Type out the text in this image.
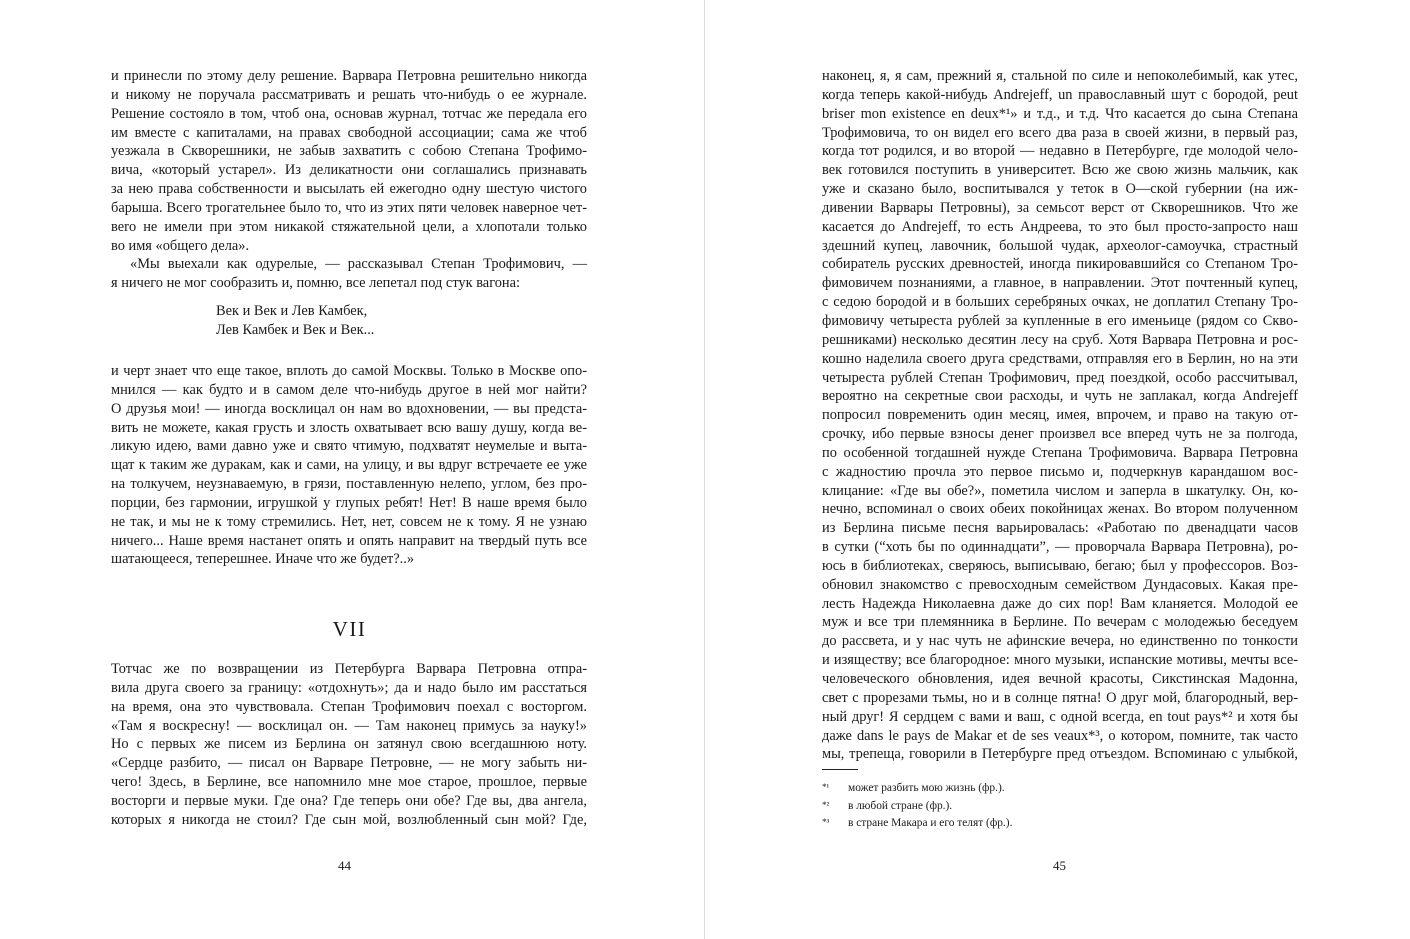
и принесли по этому делу решение. Варвара Петровна решительно никогда
и никому не поручала рассматривать и решать что-нибудь о ее журнале.
Решение состояло в том, чтоб она, основав журнал, тотчас же передала его
им вместе с капиталами, на правах свободной ассоциации; сама же чтоб
уезжала в Скворешники, не забыв захватить с собою Степана Трофимо-
вича, «который устарел». Из деликатности они соглашались признавать
за нею права собственности и высылать ей ежегодно одну шестую чистого
барыша. Всего трогательнее было то, что из этих пяти человек наверное чет-
вero не имели при этом никакой стяжательной цели, а хлопотали только
во имя «общего дела».
«Мы выехали как одурелые, — рассказывал Степан Трофимович, —
я ничего не мог сообразить и, помню, все лепетал под стук вагона:
Век и Век и Лев Камбек,
Лев Камбек и Век и Век...
и черт знает что еще такое, вплоть до самой Москвы. Только в Москве опо-
мнился — как будто и в самом деле что-нибудь другое в ней мог найти?
О друзья мои! — иногда восклицал он нам во вдохновении, — вы предста-
вить не можете, какая грусть и злость охватывает всю вашу душу, когда ве-
ликую идею, вами давно уже и свято чтимую, подхватят неумелые и выта-
щат к таким же дуракам, как и сами, на улицу, и вы вдруг встречаете ее уже
на толкучем, неузнаваемую, в грязи, поставленную нелепо, углом, без про-
порции, без гармонии, игрушкой у глупых ребят! Нет! В наше время было
не так, и мы не к тому стремились. Нет, нет, совсем не к тому. Я не узнаю
ничего... Наше время настанет опять и опять направит на твердый путь все
шатающееся, теперешнее. Иначе что же будет?..»
VII
Тотчас же по возвращении из Петербурга Варвара Петровна отпра-
вила друга своего за границу: «отдохнуть»; да и надо было им расстаться
на время, она это чувствовала. Степан Трофимович поехал с восторгом.
«Там я воскресну! — восклицал он. — Там наконец примусь за науку!»
Но с первых же писем из Берлина он затянул свою всегдашнюю ноту.
«Сердце разбито, — писал он Варваре Петровне, — не могу забыть ни-
чего! Здесь, в Берлине, все напомнило мне мое старое, прошлое, первые
восторги и первые муки. Где она? Где теперь они обе? Где вы, два ангела,
которых я никогда не стоил? Где сын мой, возлюбленный сын мой? Где,
44
наконец, я, я сам, прежний я, стальной по силе и непоколебимый, как утес,
когда теперь какой-нибудь Andrejeff, un православный шут с бородой, peut
briser mon existence en deux*¹» и т.д., и т.д. Что касается до сына Степана
Трофимовича, то он видел его всего два раза в своей жизни, в первый раз,
когда тот родился, и во второй — недавно в Петербурге, где молодой чело-
век готовился поступить в университет. Всю же свою жизнь мальчик, как
уже и сказано было, воспитывался у теток в О—ской губернии (на иж-
дивении Варвары Петровны), за семьсот верст от Скворешников. Что же
касается до Andrejeff, то есть Андреева, то это был просто-запросто наш
здешний купец, лавочник, большой чудак, археолог-самоучка, страстный
собиратель русских древностей, иногда пикировавшийся со Степаном Тро-
фимовичем познаниями, а главное, в направлении. Этот почтенный купец,
с седою бородой и в больших серебряных очках, не доплатил Степану Тро-
фимовичу четыреста рублей за купленные в его именьице (рядом со Скво-
решниками) несколько десятин лесу на сруб. Хотя Варвара Петровна и рос-
кошно наделила своего друга средствами, отправляя его в Берлин, но на эти
четыреста рублей Степан Трофимович, пред поездкой, особо рассчитывал,
вероятно на секретные свои расходы, и чуть не заплакал, когда Andrejeff
попросил повременить один месяц, имея, впрочем, и право на такую от-
срочку, ибо первые взносы денег произвел все вперед чуть не за полгода,
по особенной тогдашней нужде Степана Трофимовича. Варвара Петровна
с жадностию прочла это первое письмо и, подчеркнув карандашом вос-
клицание: «Где вы обе?», пометила числом и заперла в шкатулку. Он, ко-
нечно, вспоминал о своих обеих покойницах женах. Во втором полученном
из Берлина письме песня варьировалась: «Работаю по двенадцати часов
в сутки (“хоть бы по одиннадцати”, — проворчала Варвара Петровна), ро-
юсь в библиотеках, сверяюсь, выписываю, бегаю; был у профессоров. Воз-
обновил знакомство с превосходным семейством Дундасовых. Какая пре-
лесть Надежда Николаевна даже до сих пор! Вам кланяется. Молодой ее
муж и все три племянника в Берлине. По вечерам с молодежью беседуем
до рассвета, и у нас чуть не афинские вечера, но единственно по тонкости
и изяществу; все благородное: много музыки, испанские мотивы, мечты все-
человеческого обновления, идея вечной красоты, Сикстинская Мадонна,
свет с прорезами тьмы, но и в солнце пятна! О друг мой, благородный, вер-
ный друг! Я сердцем с вами и ваш, с одной всегда, en tout pays*² и хотя бы
даже dans le pays de Makar et de ses veaux*³, о котором, помните, так часто
мы, трепеща, говорили в Петербурге пред отъездом. Вспоминаю с улыбкой,
*¹ может разбить мою жизнь (фр.).
*² в любой стране (фр.).
*³ в стране Макара и его телят (фр.).
45
